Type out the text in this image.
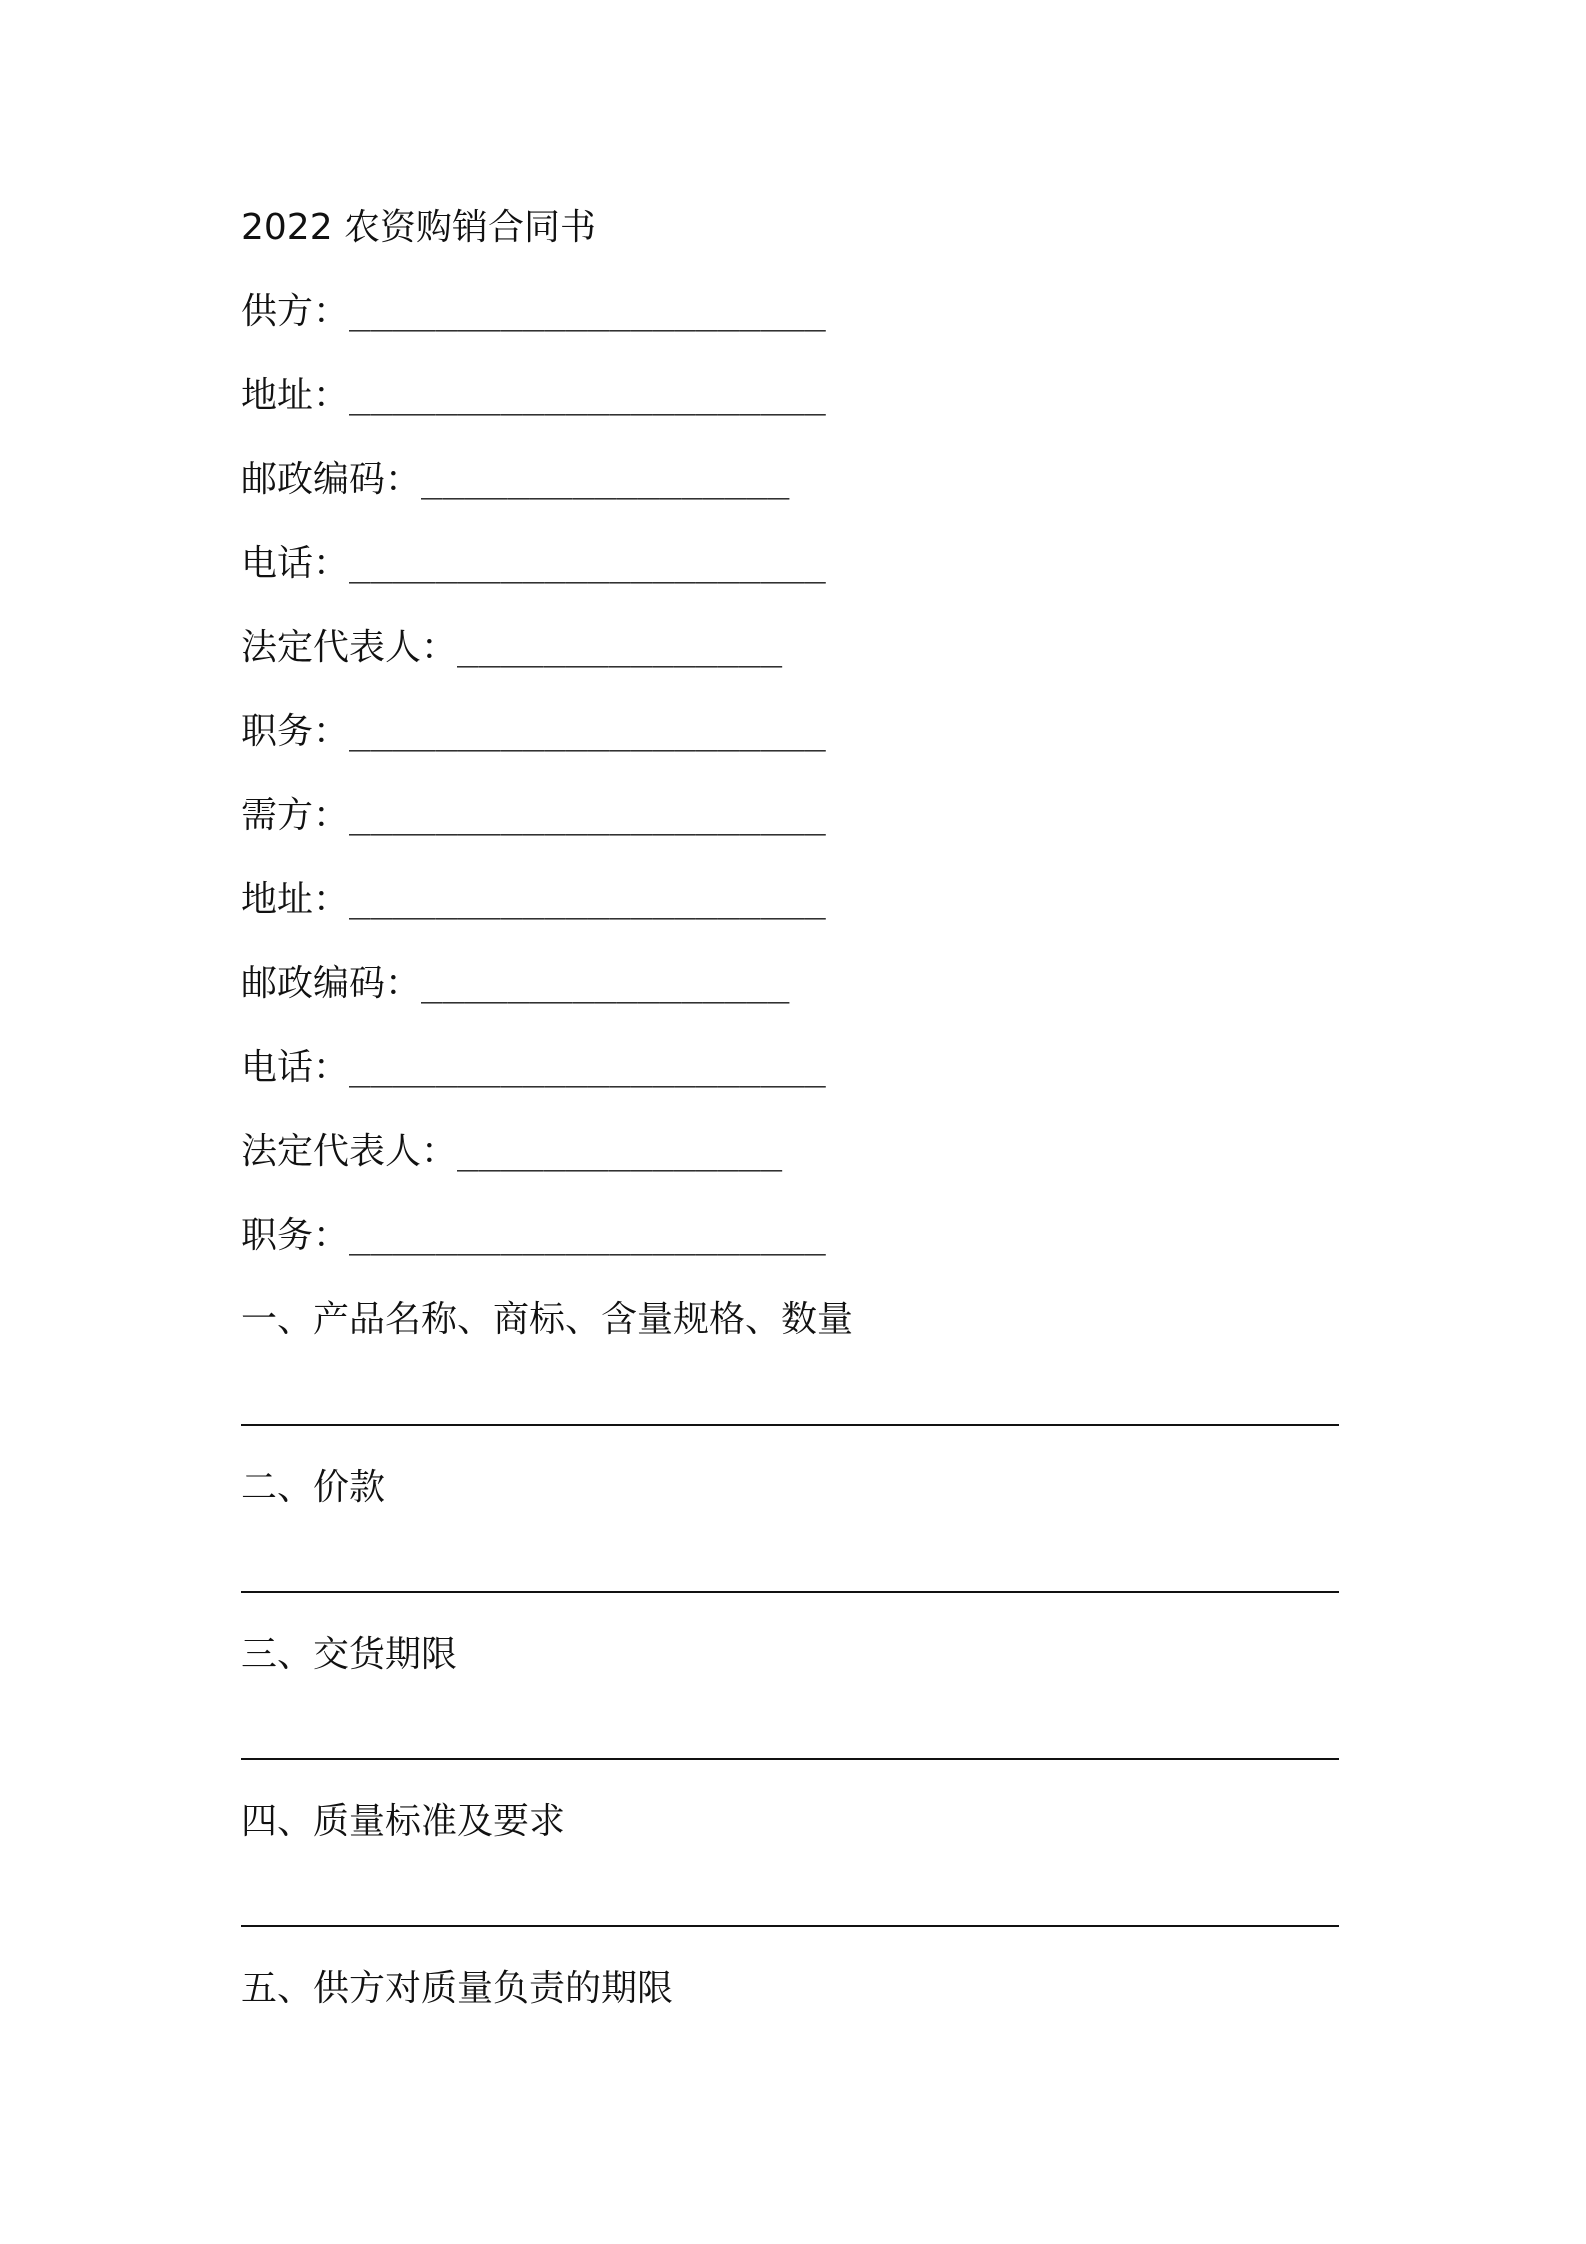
2022 农资购销合同书
供方：______________________
地址：______________________
邮政编码：_________________
电话：______________________
法定代表人：_______________
职务：______________________
需方：______________________
地址：______________________
邮政编码：_________________
电话：______________________
法定代表人：_______________
职务：______________________
一、产品名称、商标、含量规格、数量
二、价款
三、交货期限
四、质量标准及要求
五、供方对质量负责的期限
